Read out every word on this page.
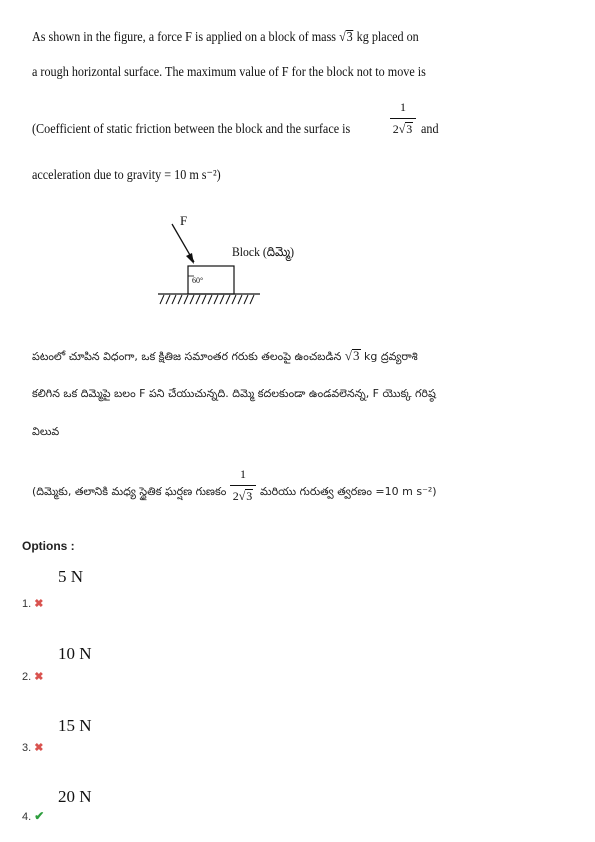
As shown in the figure, a force F is applied on a block of mass √3 kg placed on
a rough horizontal surface. The maximum value of F for the block not to move is
(Coefficient of static friction between the block and the surface is
1
2√3 and
acceleration due to gravity = 10 m s⁻²)
F
Block (దిమ్మె)
60°
పటంలో చూపిన విధంగా, ఒక క్షితిజ సమాంతర గరుకు తలంపై ఉంచబడిన √3 kg ద్రవ్యరాశి
కలిగిన ఒక దిమ్మెపై బలం F పని చేయుచున్నది. దిమ్మె కదలకుండా ఉండవలెనన్న, F యొక్క గరిష్ఠ
విలువ
(దిమ్మెకు, తలానికి మధ్య స్థైతిక ఘర్షణ గుణకం
1
2√3 మరియు గురుత్వ త్వరణం =10 m s⁻²)
Options :
5 N
1. ✖
10 N
2. ✖
15 N
3. ✖
20 N
4. ✔
